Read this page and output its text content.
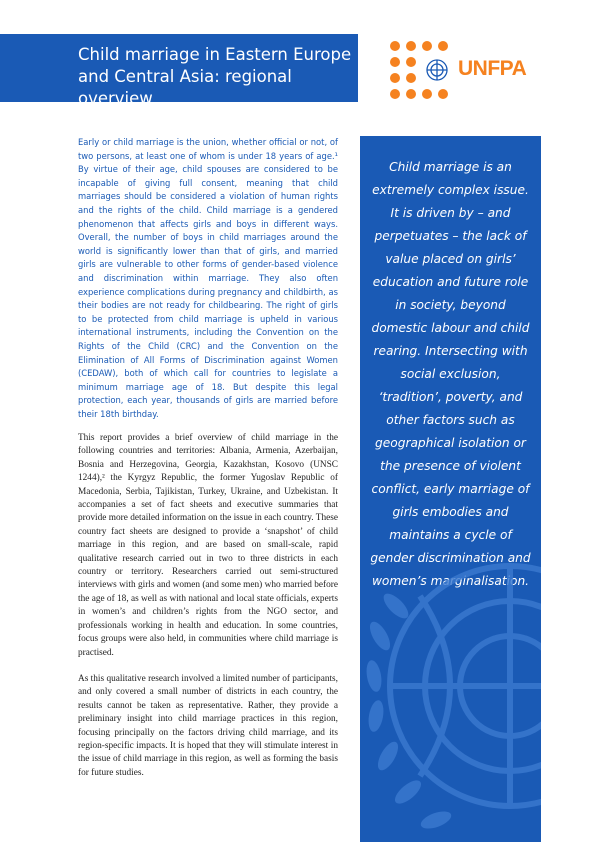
Child marriage in Eastern Europe and Central Asia: regional overview
UNFPA

Early or child marriage is the union, whether official or not, of two persons, at least one of whom is under 18 years of age.¹ By virtue of their age, child spouses are considered to be incapable of giving full consent, meaning that child marriages should be considered a violation of human rights and the rights of the child. Child marriage is a gendered phenomenon that affects girls and boys in different ways. Overall, the number of boys in child marriages around the world is significantly lower than that of girls, and married girls are vulnerable to other forms of gender-based violence and discrimination within marriage. They also often experience complications during pregnancy and childbirth, as their bodies are not ready for childbearing. The right of girls to be protected from child marriage is upheld in various international instruments, including the Convention on the Rights of the Child (CRC) and the Convention on the Elimination of All Forms of Discrimination against Women (CEDAW), both of which call for countries to legislate a minimum marriage age of 18. But despite this legal protection, each year, thousands of girls are married before their 18th birthday.

This report provides a brief overview of child marriage in the following countries and territories: Albania, Armenia, Azerbaijan, Bosnia and Herzegovina, Georgia, Kazakhstan, Kosovo (UNSC 1244),² the Kyrgyz Republic, the former Yugoslav Republic of Macedonia, Serbia, Tajikistan, Turkey, Ukraine, and Uzbekistan. It accompanies a set of fact sheets and executive summaries that provide more detailed information on the issue in each country. These country fact sheets are designed to provide a ‘snapshot’ of child marriage in this region, and are based on small-scale, rapid qualitative research carried out in two to three districts in each country or territory. Researchers carried out semi-structured interviews with girls and women (and some men) who married before the age of 18, as well as with national and local state officials, experts in women’s and children’s rights from the NGO sector, and professionals working in health and education. In some countries, focus groups were also held, in communities where child marriage is practised.

As this qualitative research involved a limited number of participants, and only covered a small number of districts in each country, the results cannot be taken as representative. Rather, they provide a preliminary insight into child marriage practices in this region, focusing principally on the factors driving child marriage, and its region-specific impacts. It is hoped that they will stimulate interest in the issue of child marriage in this region, as well as forming the basis for future studies.

Child marriage is an extremely complex issue. It is driven by – and perpetuates – the lack of value placed on girls’ education and future role in society, beyond domestic labour and child rearing. Intersecting with social exclusion, ‘tradition’, poverty, and other factors such as geographical isolation or the presence of violent conflict, early marriage of girls embodies and maintains a cycle of gender discrimination and women’s marginalisation.
